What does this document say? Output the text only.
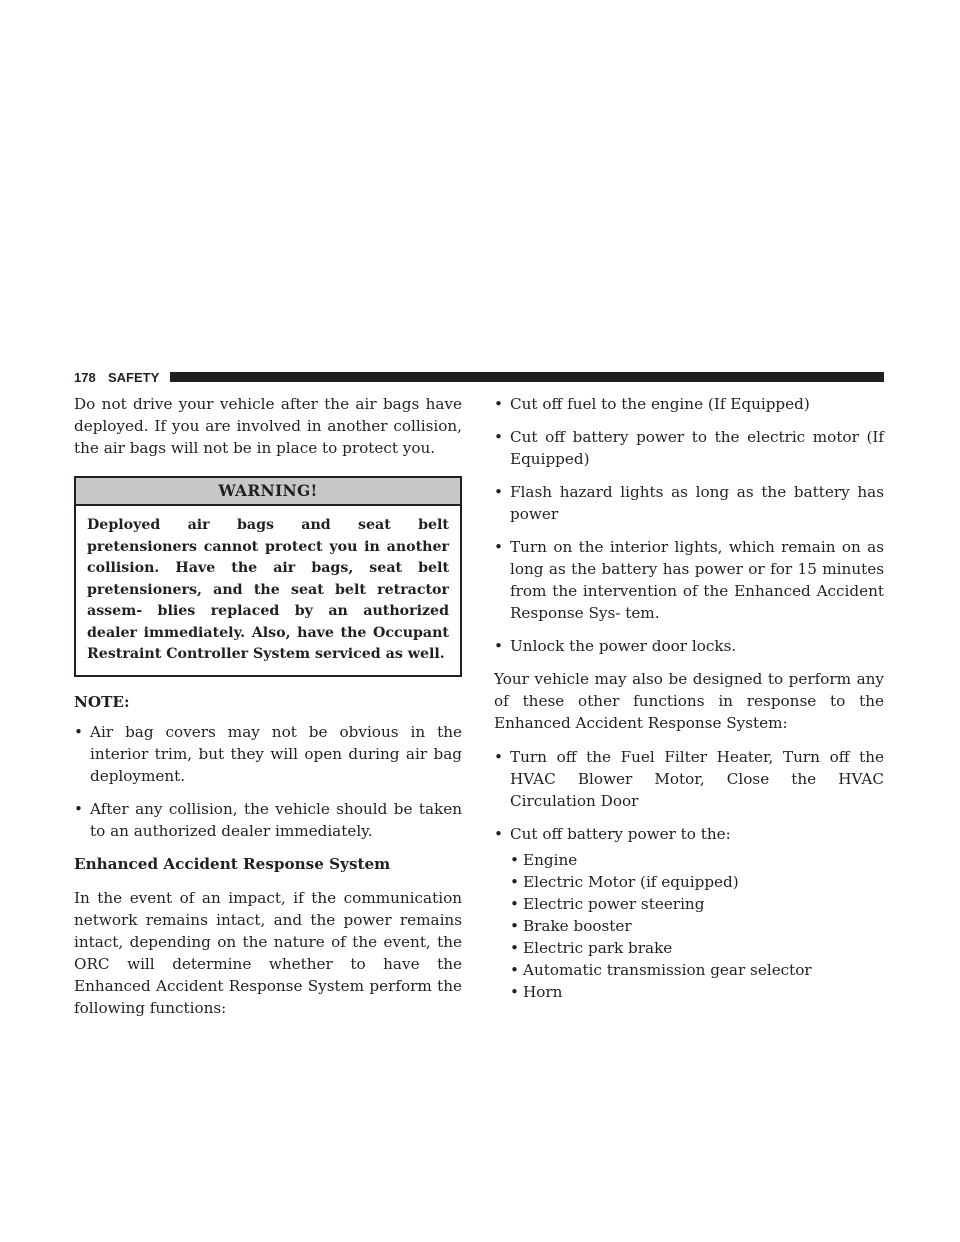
178 SAFETY

Do not drive your vehicle after the air bags have deployed. If you are involved in another collision, the air bags will not be in place to protect you.

WARNING!
Deployed air bags and seat belt pretensioners cannot protect you in another collision. Have the air bags, seat belt pretensioners, and the seat belt retractor assem- blies replaced by an authorized dealer immediately. Also, have the Occupant Restraint Controller System serviced as well.

NOTE:

• Air bag covers may not be obvious in the interior trim, but they will open during air bag deployment.
• After any collision, the vehicle should be taken to an authorized dealer immediately.

Enhanced Accident Response System

In the event of an impact, if the communication network remains intact, and the power remains intact, depending on the nature of the event, the ORC will determine whether to have the Enhanced Accident Response System perform the following functions:

• Cut off fuel to the engine (If Equipped)
• Cut off battery power to the electric motor (If Equipped)
• Flash hazard lights as long as the battery has power
• Turn on the interior lights, which remain on as long as the battery has power or for 15 minutes from the intervention of the Enhanced Accident Response Sys- tem.
• Unlock the power door locks.

Your vehicle may also be designed to perform any of these other functions in response to the Enhanced Accident Response System:

• Turn off the Fuel Filter Heater, Turn off the HVAC Blower Motor, Close the HVAC Circulation Door
• Cut off battery power to the:
• Engine
• Electric Motor (if equipped)
• Electric power steering
• Brake booster
• Electric park brake
• Automatic transmission gear selector
• Horn
